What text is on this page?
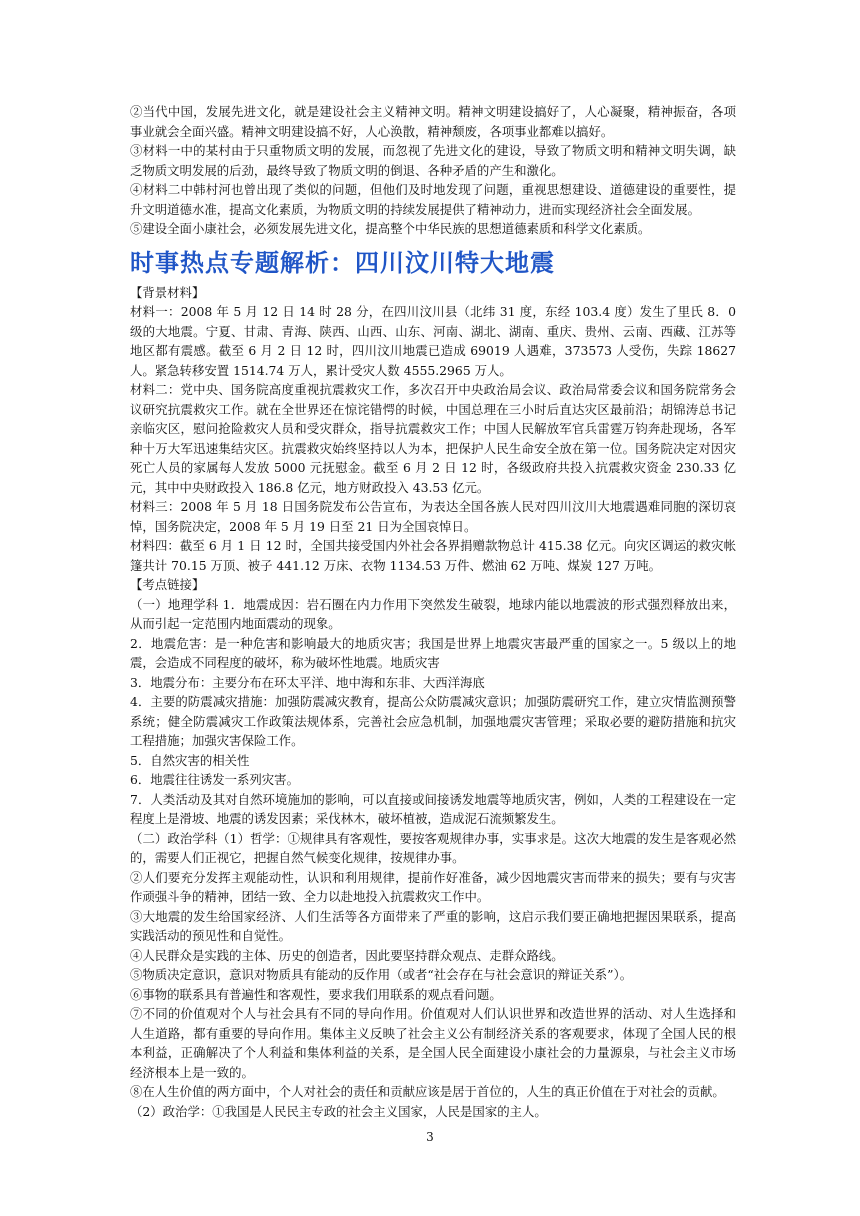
②当代中国，发展先进文化，就是建设社会主义精神文明。精神文明建设搞好了，人心凝聚，精神振奋，各项事业就会全面兴盛。精神文明建设搞不好，人心涣散，精神颓废，各项事业都难以搞好。

③材料一中的某村由于只重物质文明的发展，而忽视了先进文化的建设，导致了物质文明和精神文明失调，缺乏物质文明发展的后劲，最终导致了物质文明的倒退、各种矛盾的产生和激化。

④材料二中韩村河也曾出现了类似的问题，但他们及时地发现了问题，重视思想建设、道德建设的重要性，提升文明道德水准，提高文化素质，为物质文明的持续发展提供了精神动力，进而实现经济社会全面发展。

⑤建设全面小康社会，必须发展先进文化，提高整个中华民族的思想道德素质和科学文化素质。

时事热点专题解析：四川汶川特大地震

【背景材料】

材料一：2008 年 5 月 12 日 14 时 28 分，在四川汶川县（北纬 31 度，东经 103.4 度）发生了里氏 8．0 级的大地震。宁夏、甘肃、青海、陕西、山西、山东、河南、湖北、湖南、重庆、贵州、云南、西藏、江苏等地区都有震感。截至 6 月 2 日 12 时，四川汶川地震已造成 69019 人遇难，373573 人受伤，失踪 18627 人。紧急转移安置 1514.74 万人，累计受灾人数 4555.2965 万人。

材料二：党中央、国务院高度重视抗震救灾工作，多次召开中央政治局会议、政治局常委会议和国务院常务会议研究抗震救灾工作。就在全世界还在惊诧错愕的时候，中国总理在三小时后直达灾区最前沿；胡锦涛总书记亲临灾区，慰问抢险救灾人员和受灾群众，指导抗震救灾工作；中国人民解放军官兵雷霆万钧奔赴现场，各军种十万大军迅速集结灾区。抗震救灾始终坚持以人为本，把保护人民生命安全放在第一位。国务院决定对因灾死亡人员的家属每人发放 5000 元抚慰金。截至 6 月 2 日 12 时，各级政府共投入抗震救灾资金 230.33 亿元，其中中央财政投入 186.8 亿元，地方财政投入 43.53 亿元。

材料三：2008 年 5 月 18 日国务院发布公告宣布，为表达全国各族人民对四川汶川大地震遇难同胞的深切哀悼，国务院决定，2008 年 5 月 19 日至 21 日为全国哀悼日。

材料四：截至 6 月 1 日 12 时，全国共接受国内外社会各界捐赠款物总计 415.38 亿元。向灾区调运的救灾帐篷共计 70.15 万顶、被子 441.12 万床、衣物 1134.53 万件、燃油 62 万吨、煤炭 127 万吨。

【考点链接】

（一）地理学科 1．地震成因：岩石圈在内力作用下突然发生破裂，地球内能以地震波的形式强烈释放出来，从而引起一定范围内地面震动的现象。

2．地震危害：是一种危害和影响最大的地质灾害；我国是世界上地震灾害最严重的国家之一。5 级以上的地震，会造成不同程度的破坏，称为破坏性地震。地质灾害

3．地震分布：主要分布在环太平洋、地中海和东非、大西洋海底

4．主要的防震减灾措施：加强防震减灾教育，提高公众防震减灾意识；加强防震研究工作，建立灾情监测预警系统；健全防震减灾工作政策法规体系，完善社会应急机制，加强地震灾害管理；采取必要的避防措施和抗灾工程措施；加强灾害保险工作。

5．自然灾害的相关性

6．地震往往诱发一系列灾害。

7．人类活动及其对自然环境施加的影响，可以直接或间接诱发地震等地质灾害，例如，人类的工程建设在一定程度上是滑坡、地震的诱发因素；采伐林木，破坏植被，造成泥石流频繁发生。

（二）政治学科（1）哲学：①规律具有客观性，要按客观规律办事，实事求是。这次大地震的发生是客观必然的，需要人们正视它，把握自然气候变化规律，按规律办事。

②人们要充分发挥主观能动性，认识和利用规律，提前作好准备，减少因地震灾害而带来的损失；要有与灾害作顽强斗争的精神，团结一致、全力以赴地投入抗震救灾工作中。

③大地震的发生给国家经济、人们生活等各方面带来了严重的影响，这启示我们要正确地把握因果联系，提高实践活动的预见性和自觉性。

④人民群众是实践的主体、历史的创造者，因此要坚持群众观点、走群众路线。

⑤物质决定意识，意识对物质具有能动的反作用（或者“社会存在与社会意识的辩证关系”）。

⑥事物的联系具有普遍性和客观性，要求我们用联系的观点看问题。

⑦不同的价值观对个人与社会具有不同的导向作用。价值观对人们认识世界和改造世界的活动、对人生选择和人生道路，都有重要的导向作用。集体主义反映了社会主义公有制经济关系的客观要求，体现了全国人民的根本利益，正确解决了个人利益和集体利益的关系，是全国人民全面建设小康社会的力量源泉，与社会主义市场经济根本上是一致的。

⑧在人生价值的两方面中，个人对社会的责任和贡献应该是居于首位的，人生的真正价值在于对社会的贡献。

（2）政治学：①我国是人民民主专政的社会主义国家，人民是国家的主人。

3
